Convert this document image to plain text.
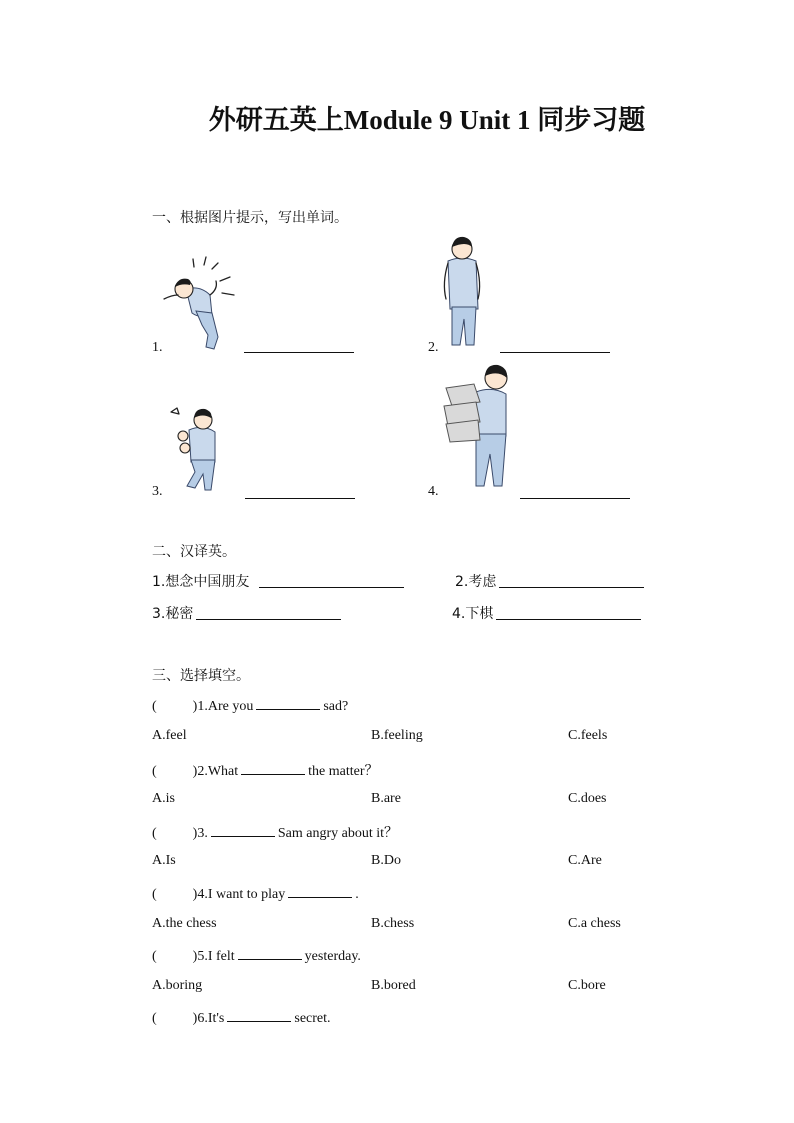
外研五英上Module 9 Unit 1 同步习题
一、根据图片提示，写出单词。
1.	2.
3.	4.
二、汉译英。
1.想念中国朋友	2.考虑
3.秘密	4.下棋
三、选择填空。
(	)1.Are you	sad?
A.feel	B.feeling	C.feels
(	)2.What	the matter？
A.is	B.are	C.does
(	)3.	Sam angry about it？
A.Is	B.Do	C.Are
(	)4.I want to play	.
A.the chess	B.chess	C.a chess
(	)5.I felt	yesterday.
A.boring	B.bored	C.bore
(	)6.It's	secret.
